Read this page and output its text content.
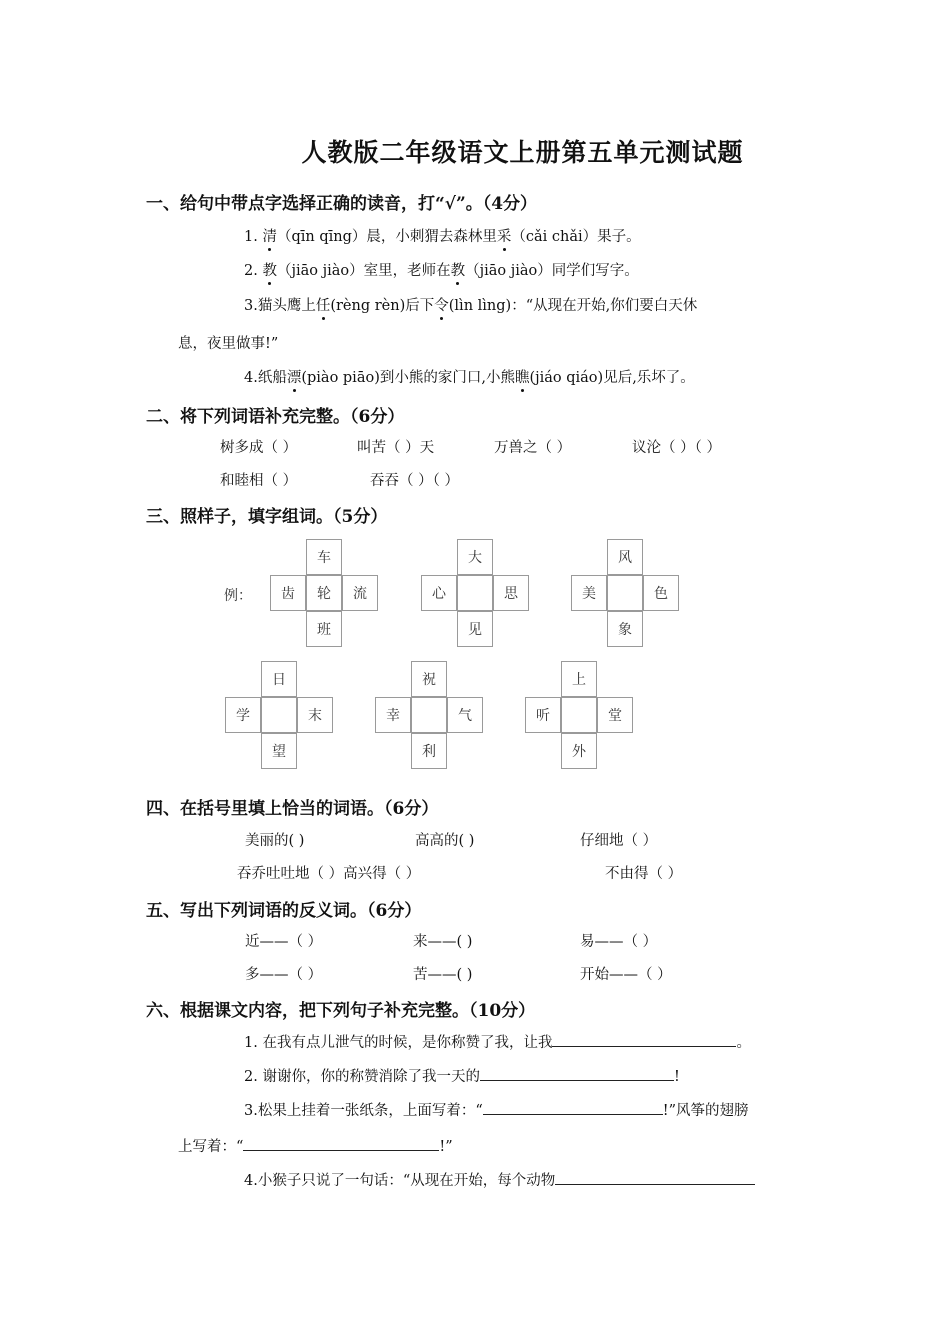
人教版二年级语文上册第五单元测试题
一、给句中带点字选择正确的读音，打“√”。（4分）
1. 清（qīn qīng）晨，小刺猬去森林里采（cǎi chǎi）果子。
2. 教（jiāo jiào）室里，老师在教（jiāo jiào）同学们写字。
3.猫头鹰上任(rèng rèn)后下令(lìn lìng)：“从现在开始,你们要白天休
息，夜里做事!”
4.纸船漂(piào piāo)到小熊的家门口,小熊瞧(jiáo qiáo)见后,乐坏了。
二、将下列词语补充完整。（6分）
树多成（ ）	叫苦（ ）天	万兽之（ ）	议沦（ ）（ ）
和睦相（ ）	吞吞（ ）（ ）
三、照样子，填字组词。（5分）
例：
车
齿	轮	流
班
大
心	思
见
风
美	色
象
日
学	末
望
祝
幸	气
利
上
听	堂
外
四、在括号里填上恰当的词语。（6分）
美丽的( )	高高的( )	仔细地（ ）
吞乔吐吐地（ ）高兴得（ ）	不由得（ ）
五、写出下列词语的反义词。（6分）
近——（ ）	来——( )	易——（ ）
多——（ ）	苦——( )	开始——（ ）
六、根据课文内容，把下列句子补充完整。（10分）
1. 在我有点儿泄气的时候，是你称赞了我，让我	。
2. 谢谢你，你的称赞消除了我一天的	!
3.松果上挂着一张纸条，上面写着：“	!”风筝的翅膀
上写着：“	!”
4.小猴子只说了一句话：“从现在开始，每个动物
